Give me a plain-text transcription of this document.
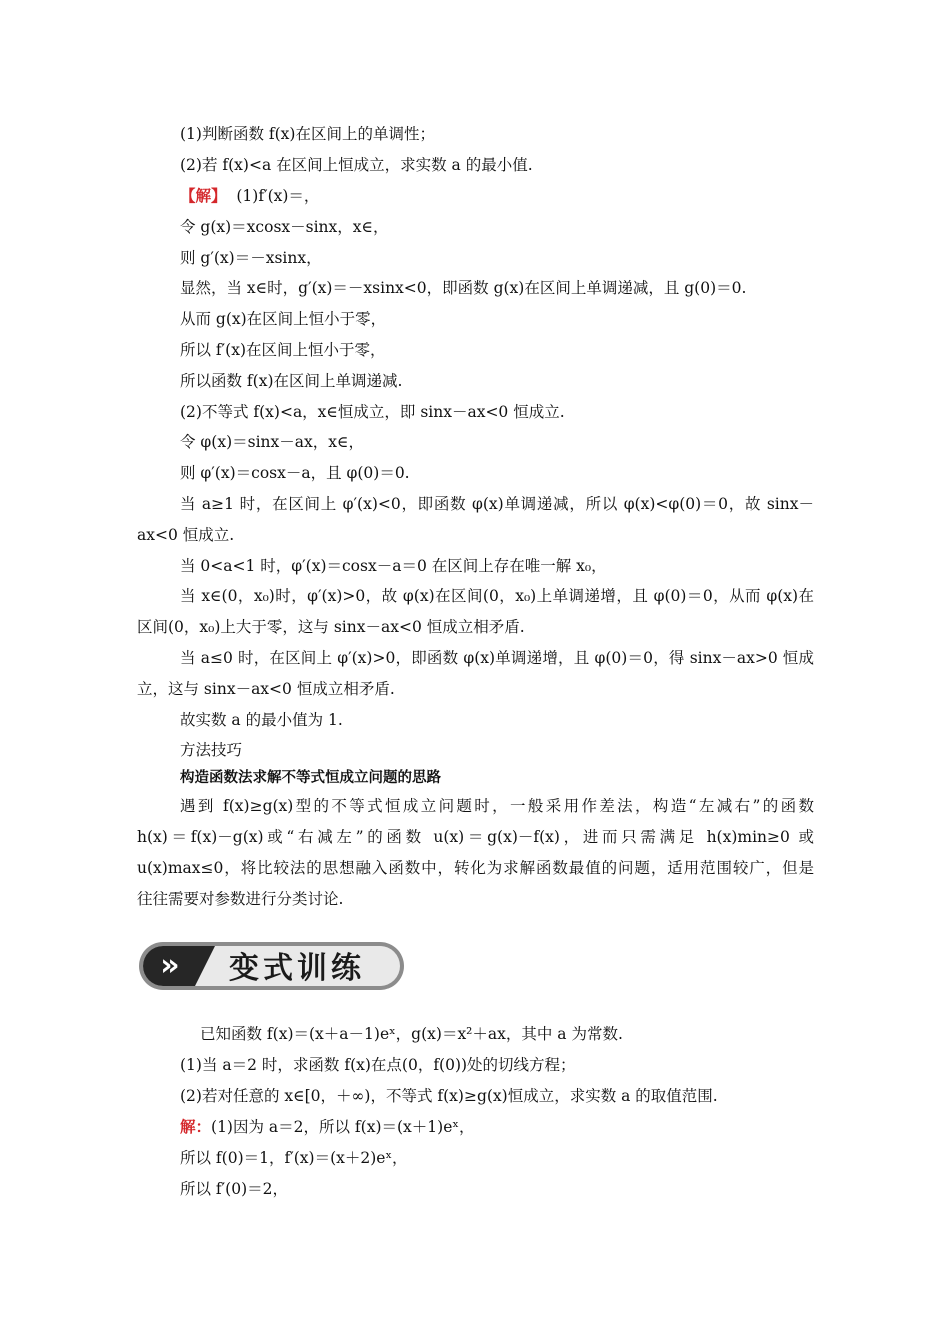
(1)判断函数 f(x)在区间上的单调性；
(2)若 f(x)<a 在区间上恒成立，求实数 a 的最小值.
【解】 (1)f′(x)＝，
令 g(x)＝xcosx－sinx，x∈，
则 g′(x)＝－xsinx，
显然，当 x∈时，g′(x)＝－xsinx<0，即函数 g(x)在区间上单调递减，且 g(0)＝0.
从而 g(x)在区间上恒小于零，
所以 f′(x)在区间上恒小于零，
所以函数 f(x)在区间上单调递减.
(2)不等式 f(x)<a，x∈恒成立，即 sinx－ax<0 恒成立.
令 φ(x)＝sinx－ax，x∈，
则 φ′(x)＝cosx－a，且 φ(0)＝0.
当 a≥1 时，在区间上 φ′(x)<0，即函数 φ(x)单调递减，所以 φ(x)<φ(0)＝0，故 sinx－
ax<0 恒成立.
当 0<a<1 时，φ′(x)＝cosx－a＝0 在区间上存在唯一解 x₀，
当 x∈(0，x₀)时，φ′(x)>0，故 φ(x)在区间(0，x₀)上单调递增，且 φ(0)＝0，从而 φ(x)在
区间(0，x₀)上大于零，这与 sinx－ax<0 恒成立相矛盾.
当 a≤0 时，在区间上 φ′(x)>0，即函数 φ(x)单调递增，且 φ(0)＝0，得 sinx－ax>0 恒成
立，这与 sinx－ax<0 恒成立相矛盾.
故实数 a 的最小值为 1.
方法技巧
构造函数法求解不等式恒成立问题的思路
遇到 f(x)≥g(x)型的不等式恒成立问题时，一般采用作差法，构造“左减右”的函数
h(x)＝f(x)－g(x)或“右减左”的函数 u(x)＝g(x)－f(x)，进而只需满足 h(x)min≥0 或
u(x)max≤0，将比较法的思想融入函数中，转化为求解函数最值的问题，适用范围较广，但是
往往需要对参数进行分类讨论.
» 变式训练
已知函数 f(x)＝(x＋a－1)eˣ，g(x)＝x²＋ax，其中 a 为常数.
(1)当 a＝2 时，求函数 f(x)在点(0，f(0))处的切线方程；
(2)若对任意的 x∈[0，＋∞)，不等式 f(x)≥g(x)恒成立，求实数 a 的取值范围.
解：(1)因为 a＝2，所以 f(x)＝(x＋1)eˣ，
所以 f(0)＝1，f′(x)＝(x＋2)eˣ，
所以 f′(0)＝2，
